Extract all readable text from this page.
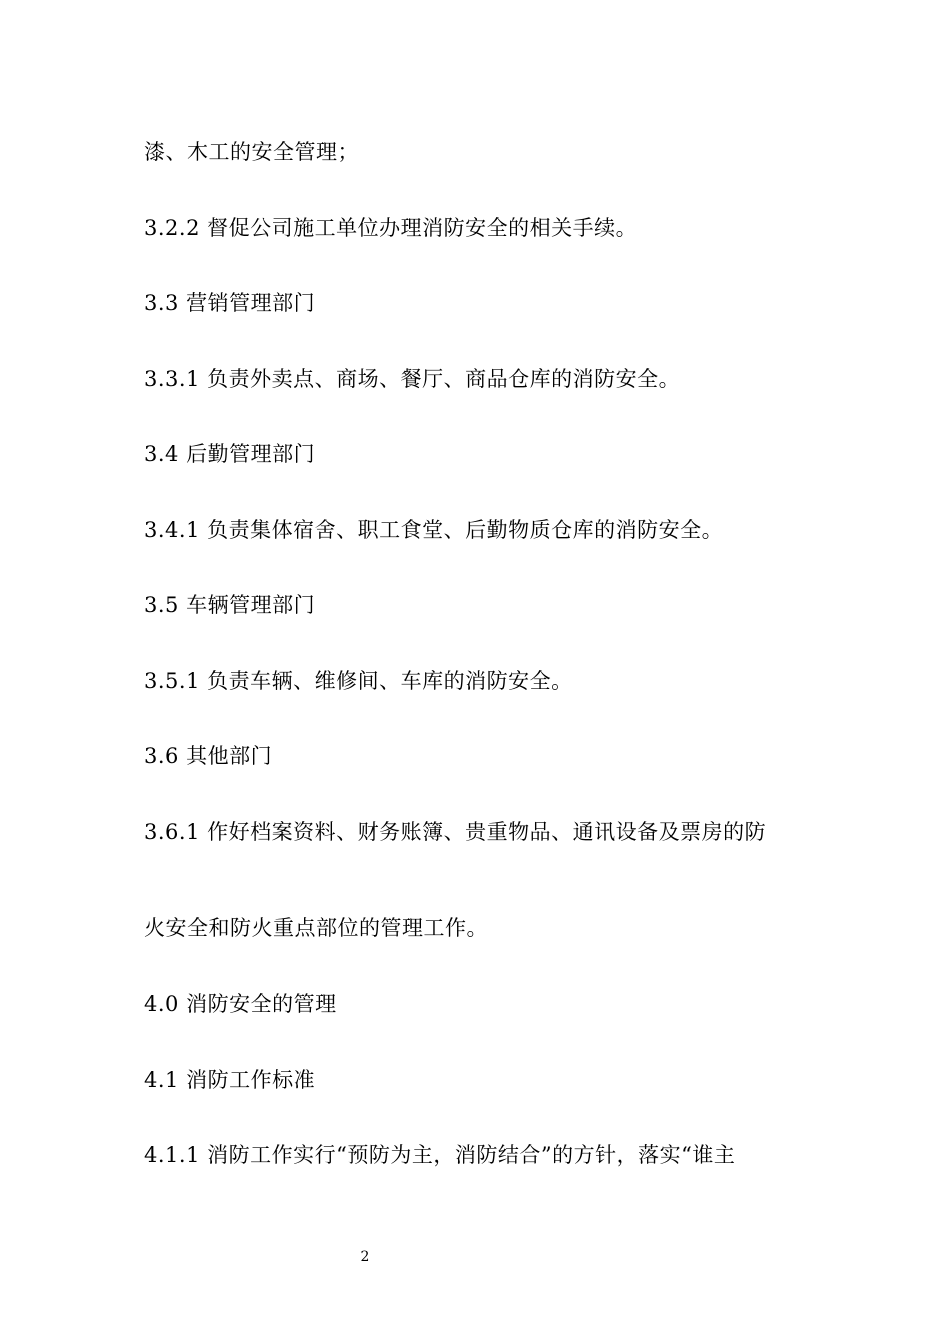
漆、木工的安全管理；
3.2.2 督促公司施工单位办理消防安全的相关手续。
3.3 营销管理部门
3.3.1 负责外卖点、商场、餐厅、商品仓库的消防安全。
3.4 后勤管理部门
3.4.1 负责集体宿舍、职工食堂、后勤物质仓库的消防安全。
3.5 车辆管理部门
3.5.1 负责车辆、维修间、车库的消防安全。
3.6 其他部门
3.6.1 作好档案资料、财务账簿、贵重物品、通讯设备及票房的防
火安全和防火重点部位的管理工作。
4.0 消防安全的管理
4.1 消防工作标准
4.1.1 消防工作实行“预防为主，消防结合”的方针，落实“谁主
2
